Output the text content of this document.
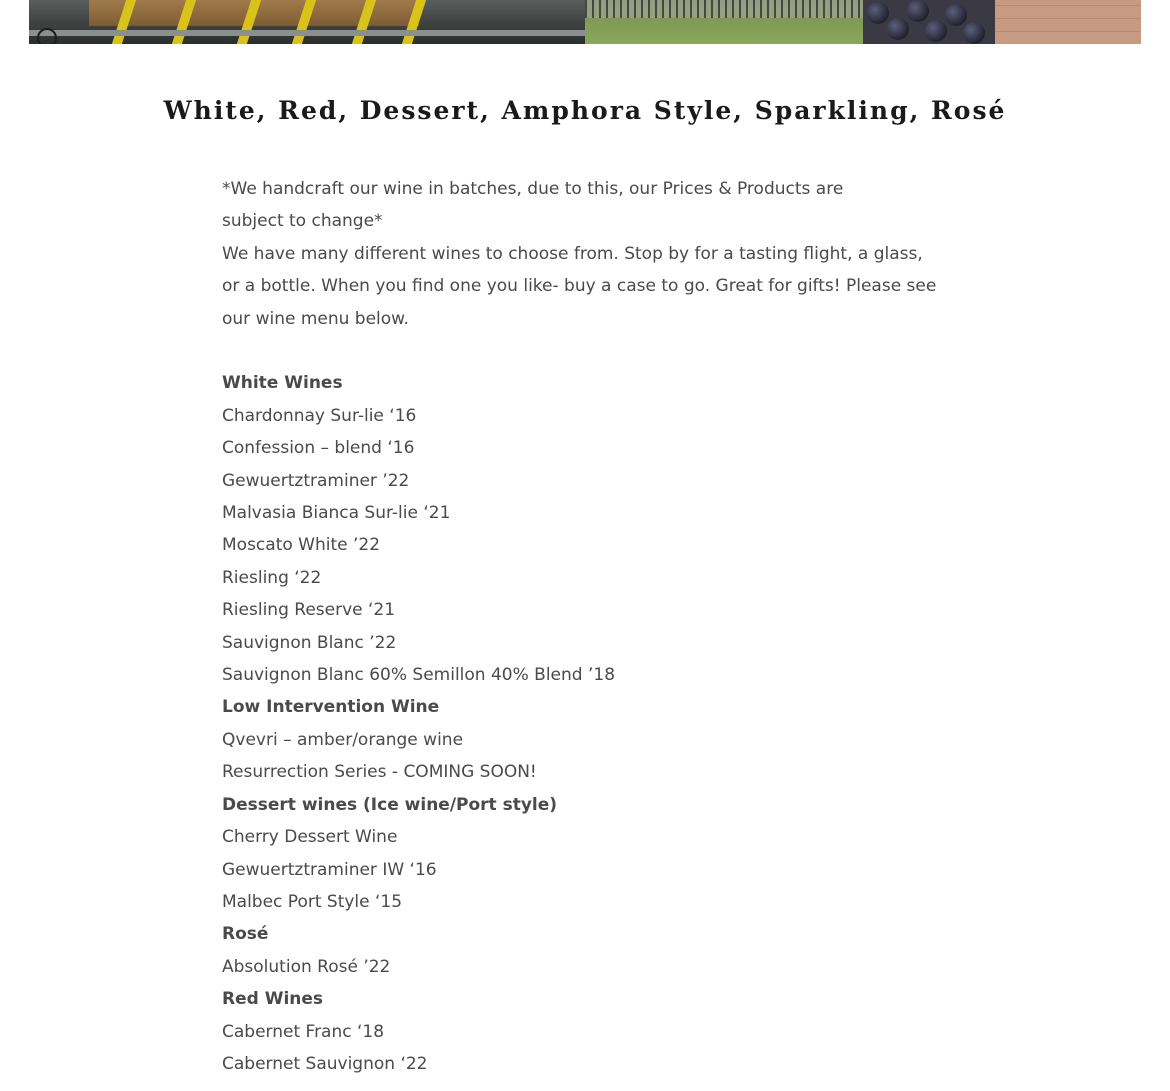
White, Red, Dessert, Amphora Style, Sparkling, Rosé

*We handcraft our wine in batches, due to this, our Prices & Products are subject to change*

We have many different wines to choose from. Stop by for a tasting flight, a glass, or a bottle. When you find one you like- buy a case to go. Great for gifts! Please see our wine menu below.

White Wines
Chardonnay Sur-lie ‘16
Confession – blend ‘16
Gewuertztraminer ’22
Malvasia Bianca Sur-lie ‘21
Moscato White ’22
Riesling ‘22
Riesling Reserve ‘21
Sauvignon Blanc ’22
Sauvignon Blanc 60% Semillon 40% Blend ’18
Low Intervention Wine
Qvevri – amber/orange wine
Resurrection Series - COMING SOON!
Dessert wines (Ice wine/Port style)
Cherry Dessert Wine
Gewuertztraminer IW ‘16
Malbec Port Style ‘15
Rosé
Absolution Rosé ’22
Red Wines
Cabernet Franc ‘18
Cabernet Sauvignon ‘22
